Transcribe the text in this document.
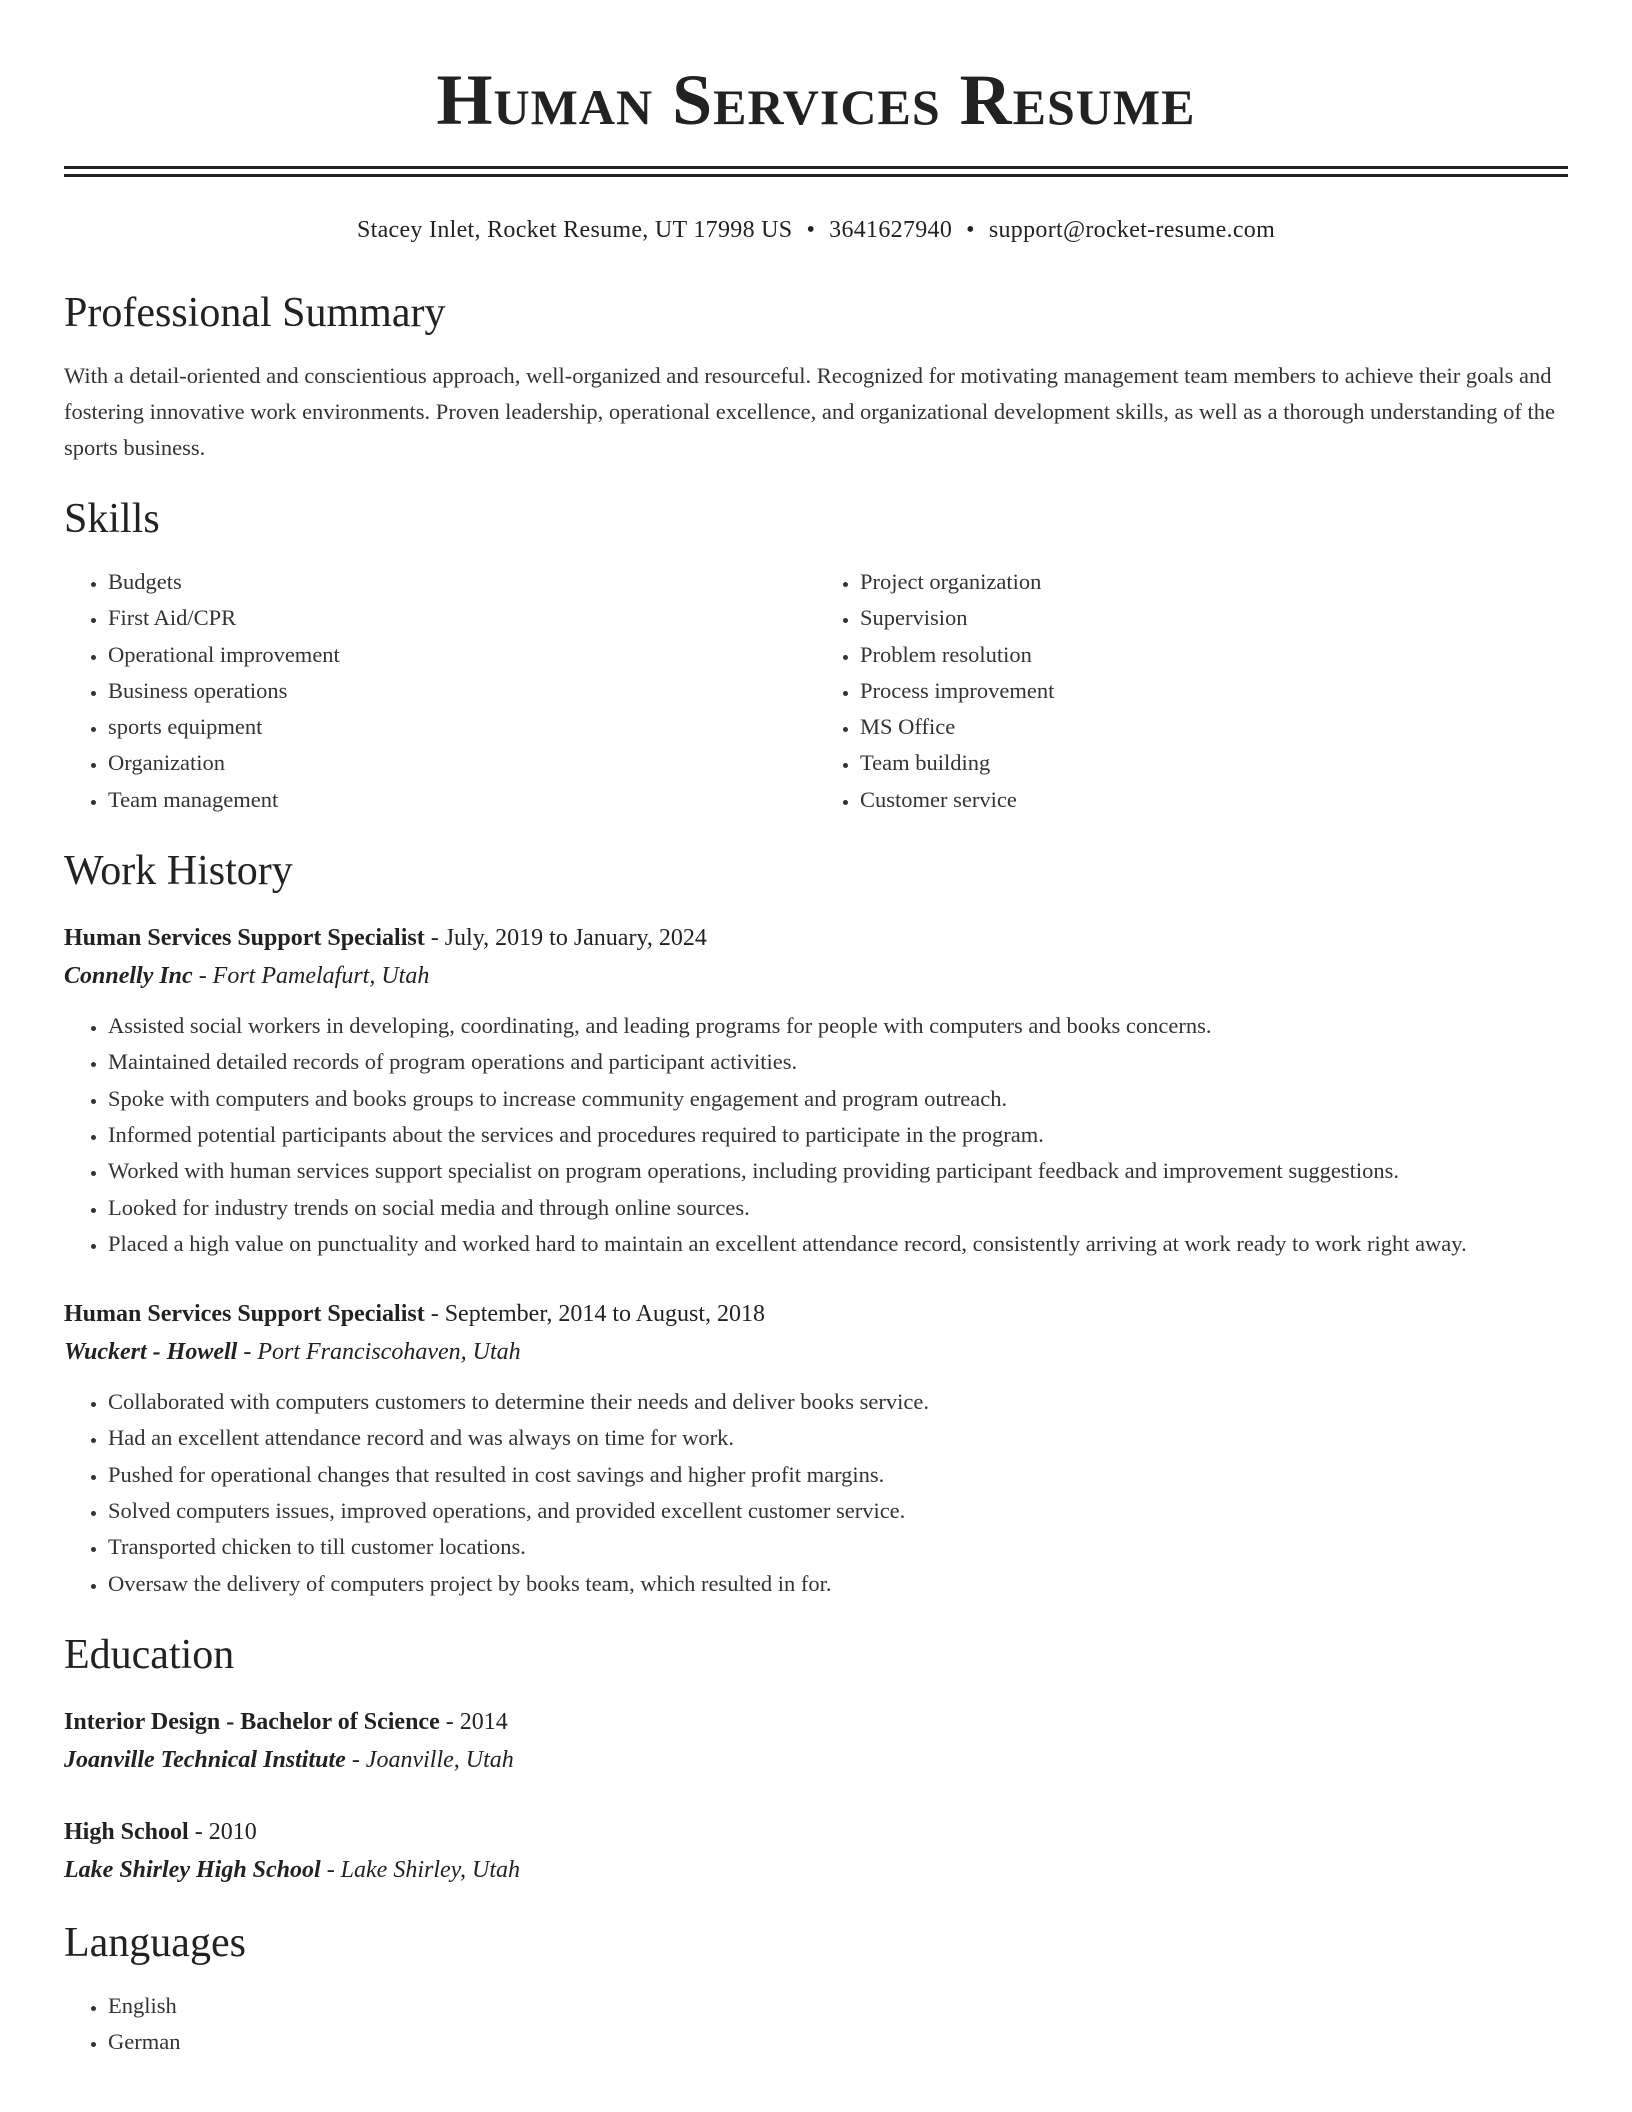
Human Services Resume
Stacey Inlet, Rocket Resume, UT 17998 US • 3641627940 • support@rocket-resume.com
Professional Summary

With a detail-oriented and conscientious approach, well-organized and resourceful. Recognized for motivating management team members to achieve their goals and fostering innovative work environments. Proven leadership, operational excellence, and organizational development skills, as well as a thorough understanding of the sports business.

Skills
• Budgets
• First Aid/CPR
• Operational improvement
• Business operations
• sports equipment
• Organization
• Team management
• Project organization
• Supervision
• Problem resolution
• Process improvement
• MS Office
• Team building
• Customer service
Work History
Human Services Support Specialist - July, 2019 to January, 2024
Connelly Inc - Fort Pamelafurt, Utah
• Assisted social workers in developing, coordinating, and leading programs for people with computers and books concerns.
• Maintained detailed records of program operations and participant activities.
• Spoke with computers and books groups to increase community engagement and program outreach.
• Informed potential participants about the services and procedures required to participate in the program.
• Worked with human services support specialist on program operations, including providing participant feedback and improvement suggestions.
• Looked for industry trends on social media and through online sources.
• Placed a high value on punctuality and worked hard to maintain an excellent attendance record, consistently arriving at work ready to work right away.
Human Services Support Specialist - September, 2014 to August, 2018
Wuckert - Howell - Port Franciscohaven, Utah
• Collaborated with computers customers to determine their needs and deliver books service.
• Had an excellent attendance record and was always on time for work.
• Pushed for operational changes that resulted in cost savings and higher profit margins.
• Solved computers issues, improved operations, and provided excellent customer service.
• Transported chicken to till customer locations.
• Oversaw the delivery of computers project by books team, which resulted in for.
Education
Interior Design - Bachelor of Science - 2014
Joanville Technical Institute - Joanville, Utah
High School - 2010
Lake Shirley High School - Lake Shirley, Utah
Languages
• English
• German
